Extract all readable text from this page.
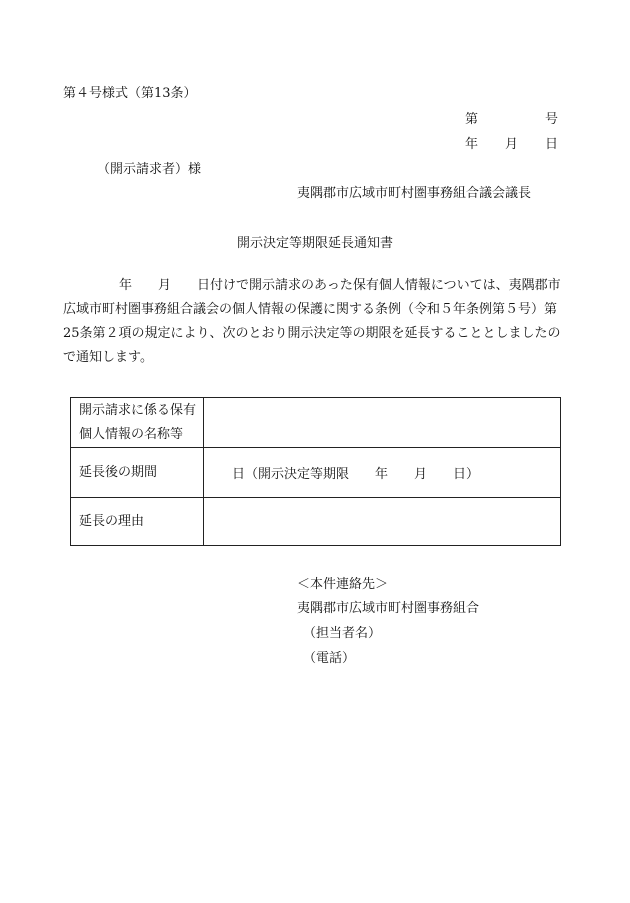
第４号様式（第13条）
第	号
年 月 日
（開示請求者）様
夷隅郡市広域市町村圏事務組合議会議長
開示決定等期限延長通知書
年 月 日付けで開示請求のあった保有個人情報については、夷隅郡市
広域市町村圏事務組合議会の個人情報の保護に関する条例（令和５年条例第５号）第
25条第２項の規定により、次のとおり開示決定等の期限を延長することとしましたの
で通知します。
開示請求に係る保有
個人情報の名称等	

延長後の期間	日（開示決定等期限 年 月 日）
延長の理由	
＜本件連絡先＞
夷隅郡市広域市町村圏事務組合
（担当者名）
（電話）
